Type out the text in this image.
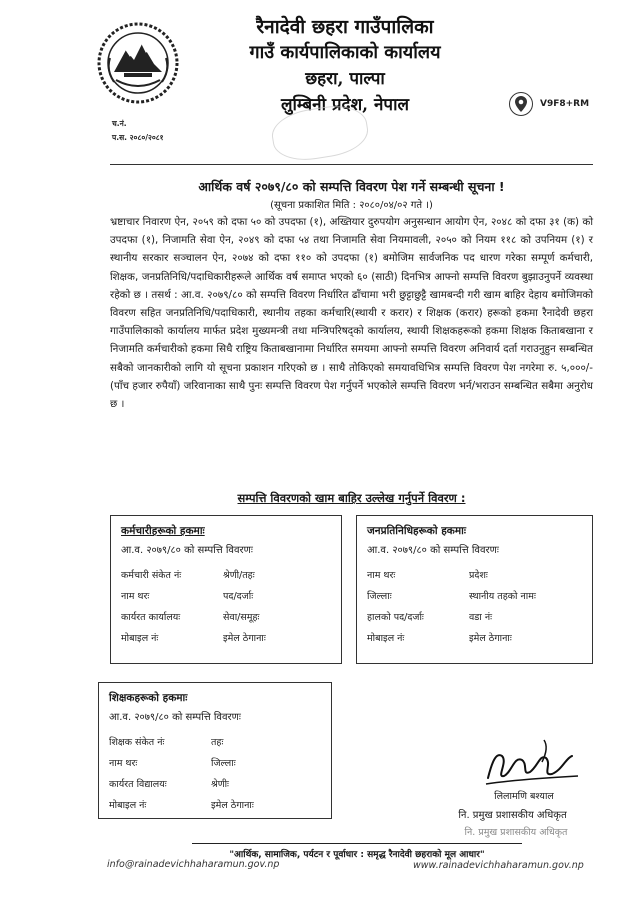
रैनादेवी छहरा गाउँपालिका
गाउँ कार्यपालिकाको कार्यालय
छहरा, पाल्पा
लुम्बिनी प्रदेश, नेपाल
	V9F8+RM
च.नं.
प.स. २०८०/२०८१
आर्थिक वर्ष २०७९/८० को सम्पत्ति विवरण पेश गर्ने सम्बन्धी सूचना !
(सूचना प्रकाशित मिति : २०८०/०४/०२ गते ।)
भ्रष्टाचार निवारण ऐन, २०५९ को दफा ५० को उपदफा (१), अख्तियार दुरुपयोग अनुसन्धान आयोग ऐन, २०४८ को दफा ३१ (क) को उपदफा (१), निजामति सेवा ऐन, २०४९ को दफा ५४ तथा निजामति सेवा नियमावली, २०५० को नियम ११८ को उपनियम (१) र स्थानीय सरकार सञ्चालन ऐन, २०७४ को दफा ११० को उपदफा (१) बमोजिम सार्वजनिक पद धारण गरेका सम्पूर्ण कर्मचारी, शिक्षक, जनप्रतिनिधि/पदाधिकारीहरूले आर्थिक वर्ष समाप्त भएको ६० (साठी) दिनभित्र आफ्नो सम्पत्ति विवरण बुझाउनुपर्ने व्यवस्था रहेको छ । तसर्थ : आ.व. २०७९/८० को सम्पत्ति विवरण निर्धारित ढाँचामा भरी छुट्टाछुट्टै खामबन्दी गरी खाम बाहिर देहाय बमोजिमको विवरण सहित जनप्रतिनिधि/पदाधिकारी, स्थानीय तहका कर्मचारि(स्थायी र करार) र शिक्षक (करार) हरूको हकमा रैनादेवी छहरा गाउँपालिकाको कार्यालय मार्फत प्रदेश मुख्यमन्त्री तथा मन्त्रिपरिषद्को कार्यालय, स्थायी शिक्षकहरूको हकमा शिक्षक किताबखाना र निजामति कर्मचारीको हकमा सिधै राष्ट्रिय किताबखानामा निर्धारित समयमा आफ्नो सम्पत्ति विवरण अनिवार्य दर्ता गराउनुहुन सम्बन्धित सबैको जानकारीको लागि यो सूचना प्रकाशन गरिएको छ । साथै तोकिएको समयावधिभित्र सम्पत्ति विवरण पेश नगरेमा रु. ५,०००/- (पाँच हजार रुपैयाँ) जरिवानाका साथै पुनः सम्पत्ति विवरण पेश गर्नुपर्ने भएकोले सम्पत्ति विवरण भर्न/भराउन सम्बन्धित सबैमा अनुरोध छ ।
सम्पत्ति विवरणको खाम बाहिर उल्लेख गर्नुपर्ने विवरण :
कर्मचारीहरूको हकमाः
आ.व. २०७९/८० को सम्पत्ति विवरणः
कर्मचारी संकेत नंः	श्रेणी/तहः
नाम थरः	पद/दर्जाः
कार्यरत कार्यालयः	सेवा/समूहः
मोबाइल नंः	इमेल ठेगानाः
जनप्रतिनिधिहरूको हकमाः
आ.व. २०७९/८० को सम्पत्ति विवरणः
नाम थरः	प्रदेशः
जिल्लाः	स्थानीय तहको नामः
हालको पद/दर्जाः	वडा नंः
मोबाइल नंः	इमेल ठेगानाः
शिक्षकहरूको हकमाः
आ.व. २०७९/८० को सम्पत्ति विवरणः
शिक्षक संकेत नंः	तहः
नाम थरः	जिल्लाः
कार्यरत विद्यालयः	श्रेणीः
मोबाइल नंः	इमेल ठेगानाः
लिलामणि बश्याल
नि. प्रमुख प्रशासकीय अधिकृत
नि. प्रमुख प्रशासकीय अधिकृत
"आर्थिक, सामाजिक, पर्यटन र पूर्वाधार : समृद्ध रैनादेवी छहराको मूल आधार"
info@rainadevichhaharamun.gov.np	www.rainadevichhaharamun.gov.np
